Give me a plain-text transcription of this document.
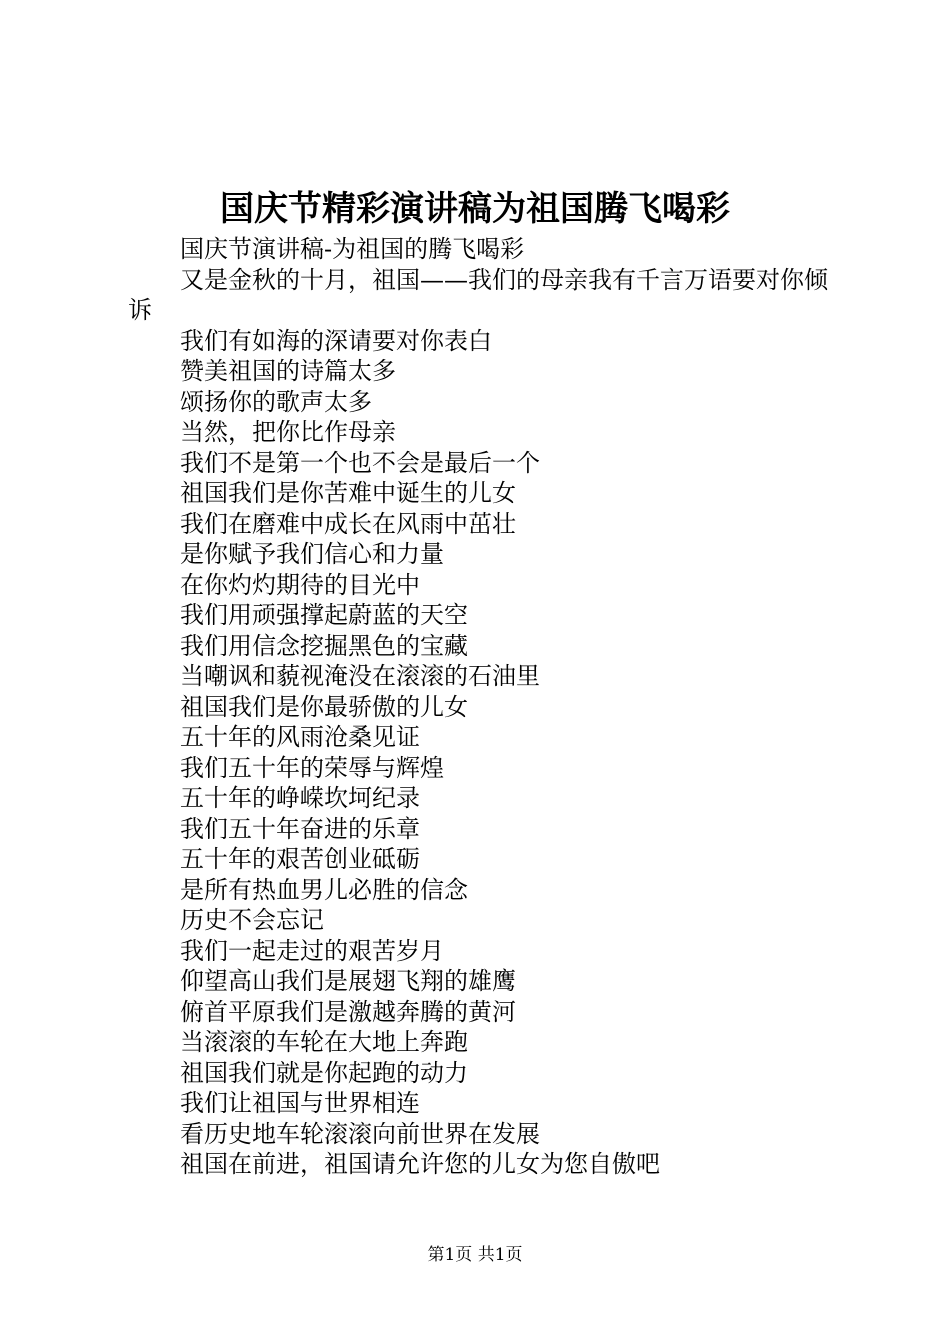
国庆节精彩演讲稿为祖国腾飞喝彩

国庆节演讲稿-为祖国的腾飞喝彩

又是金秋的十月，祖国——我们的母亲我有千言万语要对你倾诉

我们有如海的深请要对你表白

赞美祖国的诗篇太多

颂扬你的歌声太多

当然，把你比作母亲

我们不是第一个也不会是最后一个

祖国我们是你苦难中诞生的儿女

我们在磨难中成长在风雨中茁壮

是你赋予我们信心和力量

在你灼灼期待的目光中

我们用顽强撑起蔚蓝的天空

我们用信念挖掘黑色的宝藏

当嘲讽和藐视淹没在滚滚的石油里

祖国我们是你最骄傲的儿女

五十年的风雨沧桑见证

我们五十年的荣辱与辉煌

五十年的峥嵘坎坷纪录

我们五十年奋进的乐章

五十年的艰苦创业砥砺

是所有热血男儿必胜的信念

历史不会忘记

我们一起走过的艰苦岁月

仰望高山我们是展翅飞翔的雄鹰

俯首平原我们是激越奔腾的黄河

当滚滚的车轮在大地上奔跑

祖国我们就是你起跑的动力

我们让祖国与世界相连

看历史地车轮滚滚向前世界在发展

祖国在前进，祖国请允许您的儿女为您自傲吧

第1页 共1页
